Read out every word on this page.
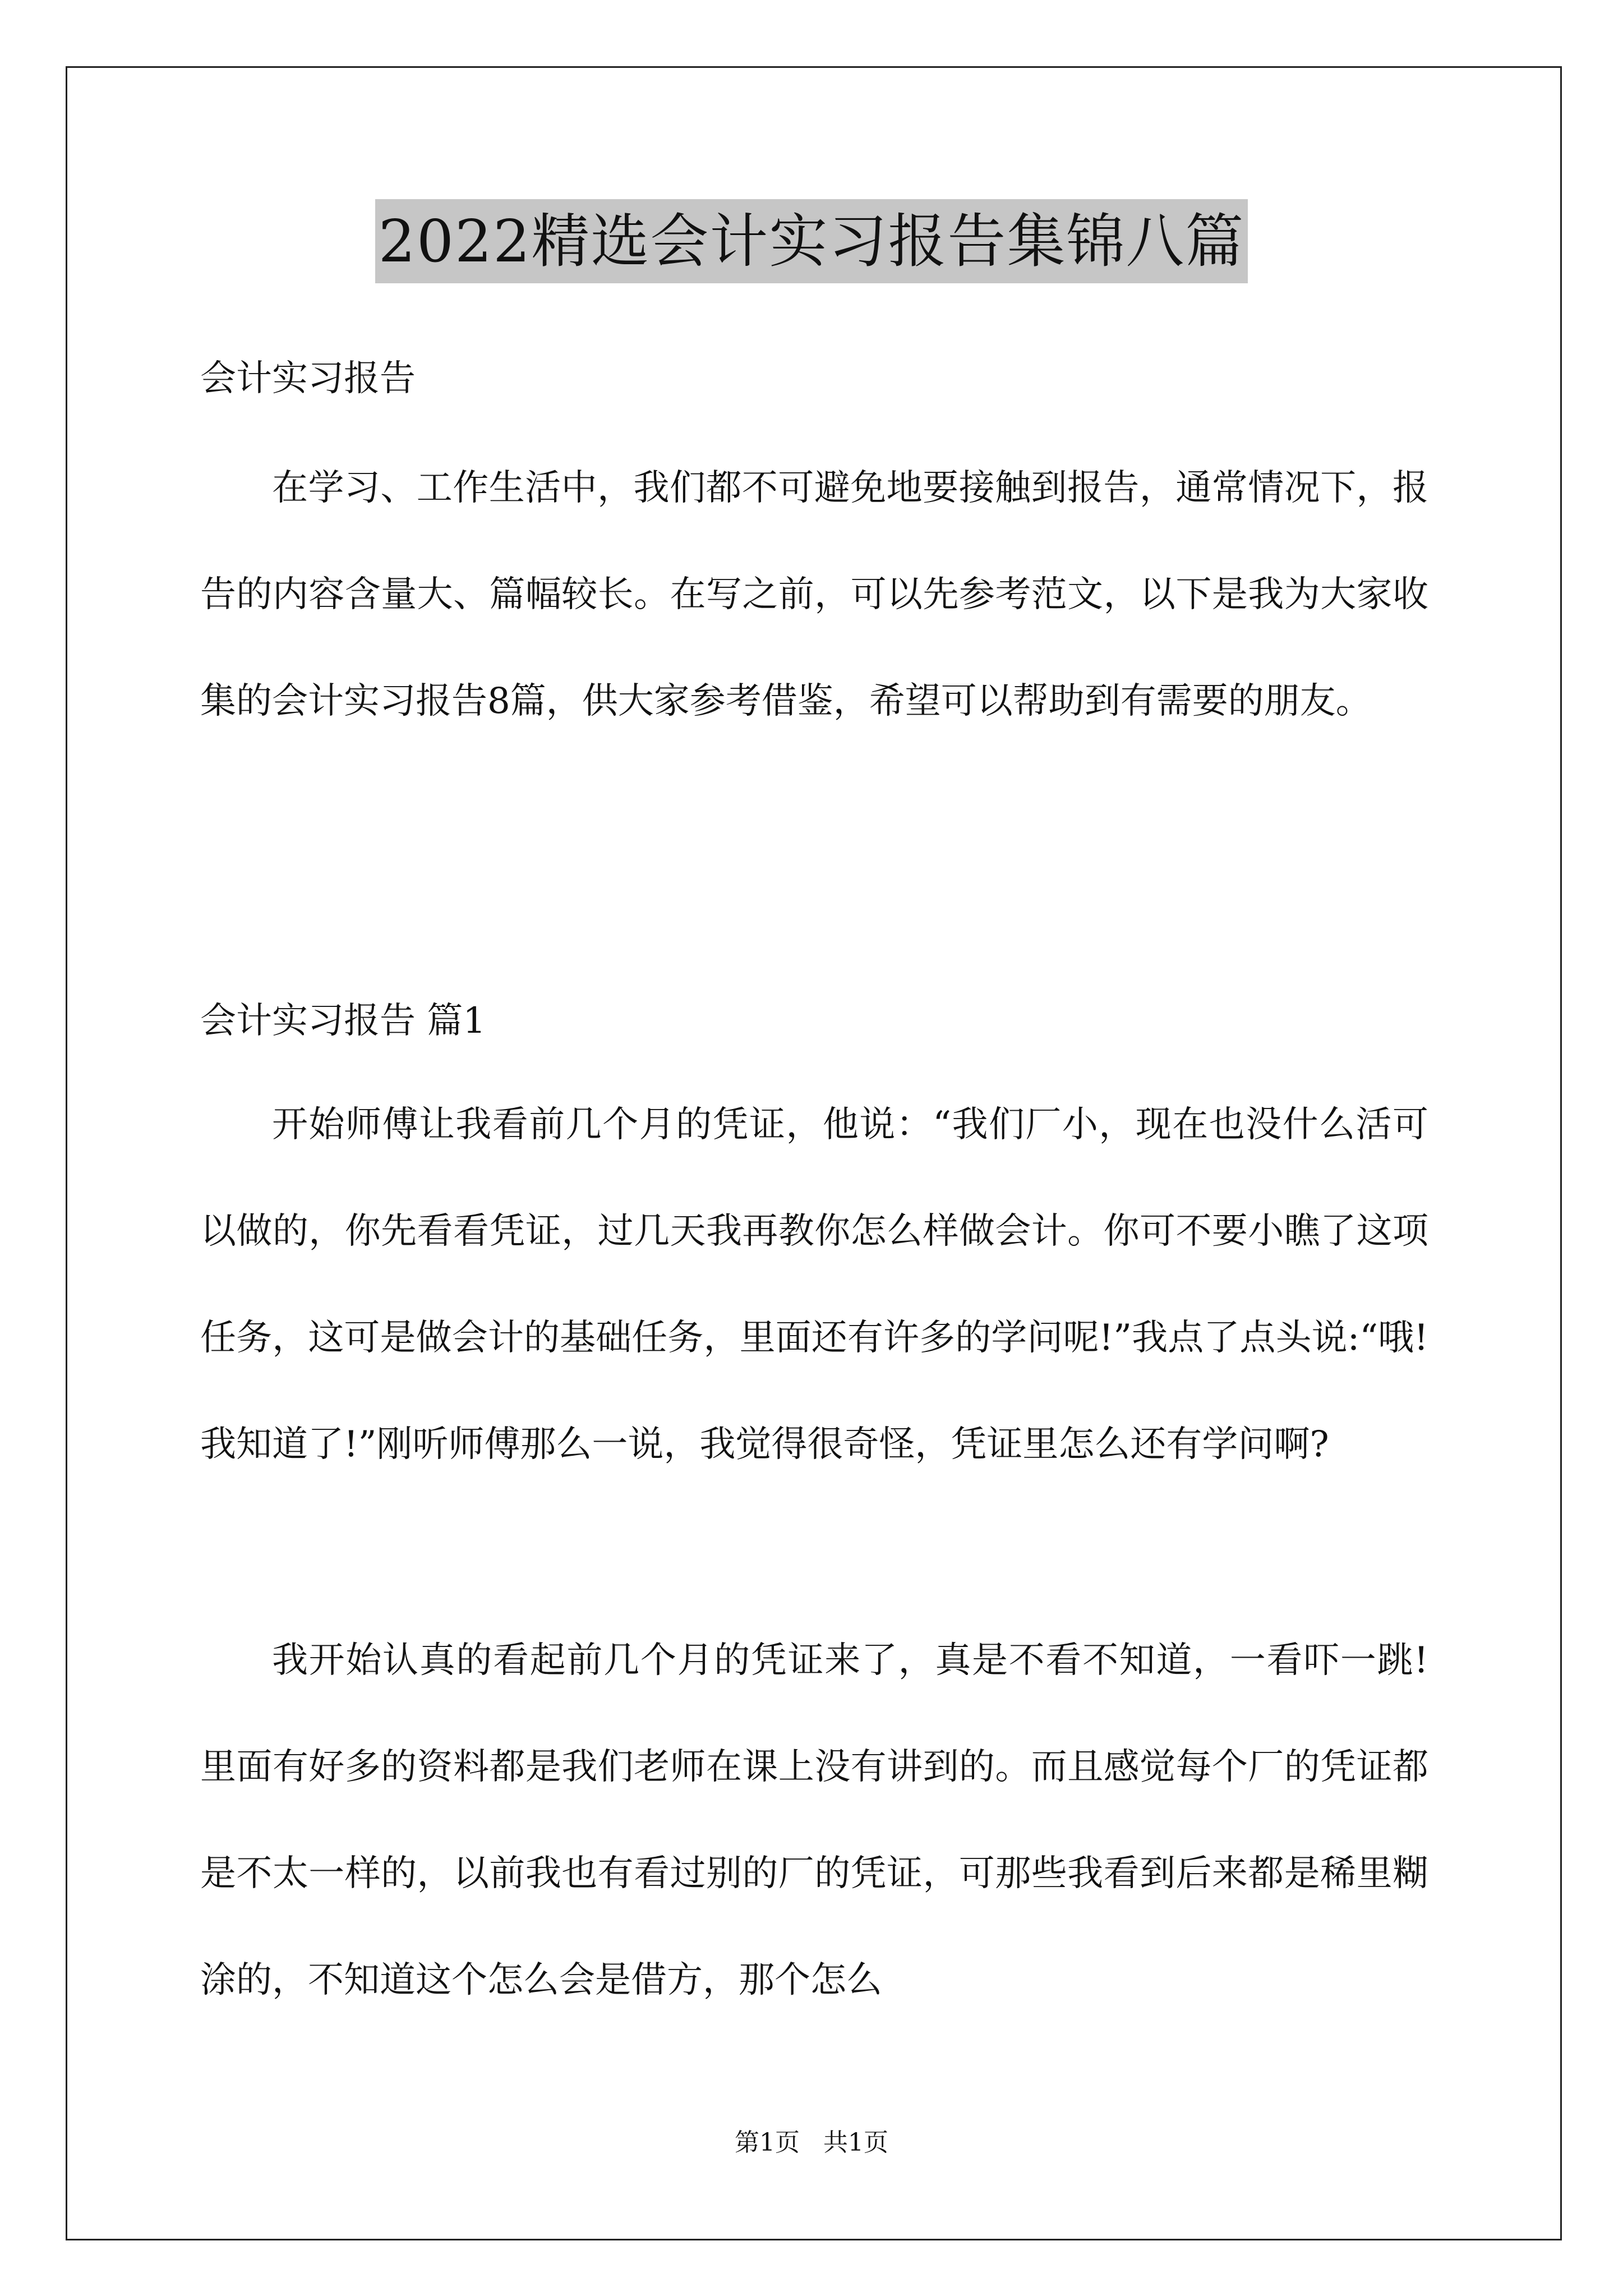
2022精选会计实习报告集锦八篇
会计实习报告

在学习、工作生活中，我们都不可避免地要接触到报告，通常情况下，报告的内容含量大、篇幅较长。在写之前，可以先参考范文，以下是我为大家收集的会计实习报告8篇，供大家参考借鉴，希望可以帮助到有需要的朋友。

会计实习报告 篇1

开始师傅让我看前几个月的凭证，他说：“我们厂小，现在也没什么活可以做的，你先看看凭证，过几天我再教你怎么样做会计。你可不要小瞧了这项任务，这可是做会计的基础任务，里面还有许多的学问呢!”我点了点头说:“哦!我知道了!”刚听师傅那么一说，我觉得很奇怪，凭证里怎么还有学问啊?

我开始认真的看起前几个月的凭证来了，真是不看不知道，一看吓一跳!里面有好多的资料都是我们老师在课上没有讲到的。而且感觉每个厂的凭证都是不太一样的，以前我也有看过别的厂的凭证，可那些我看到后来都是稀里糊涂的，不知道这个怎么会是借方，那个怎么

第1页   共1页
